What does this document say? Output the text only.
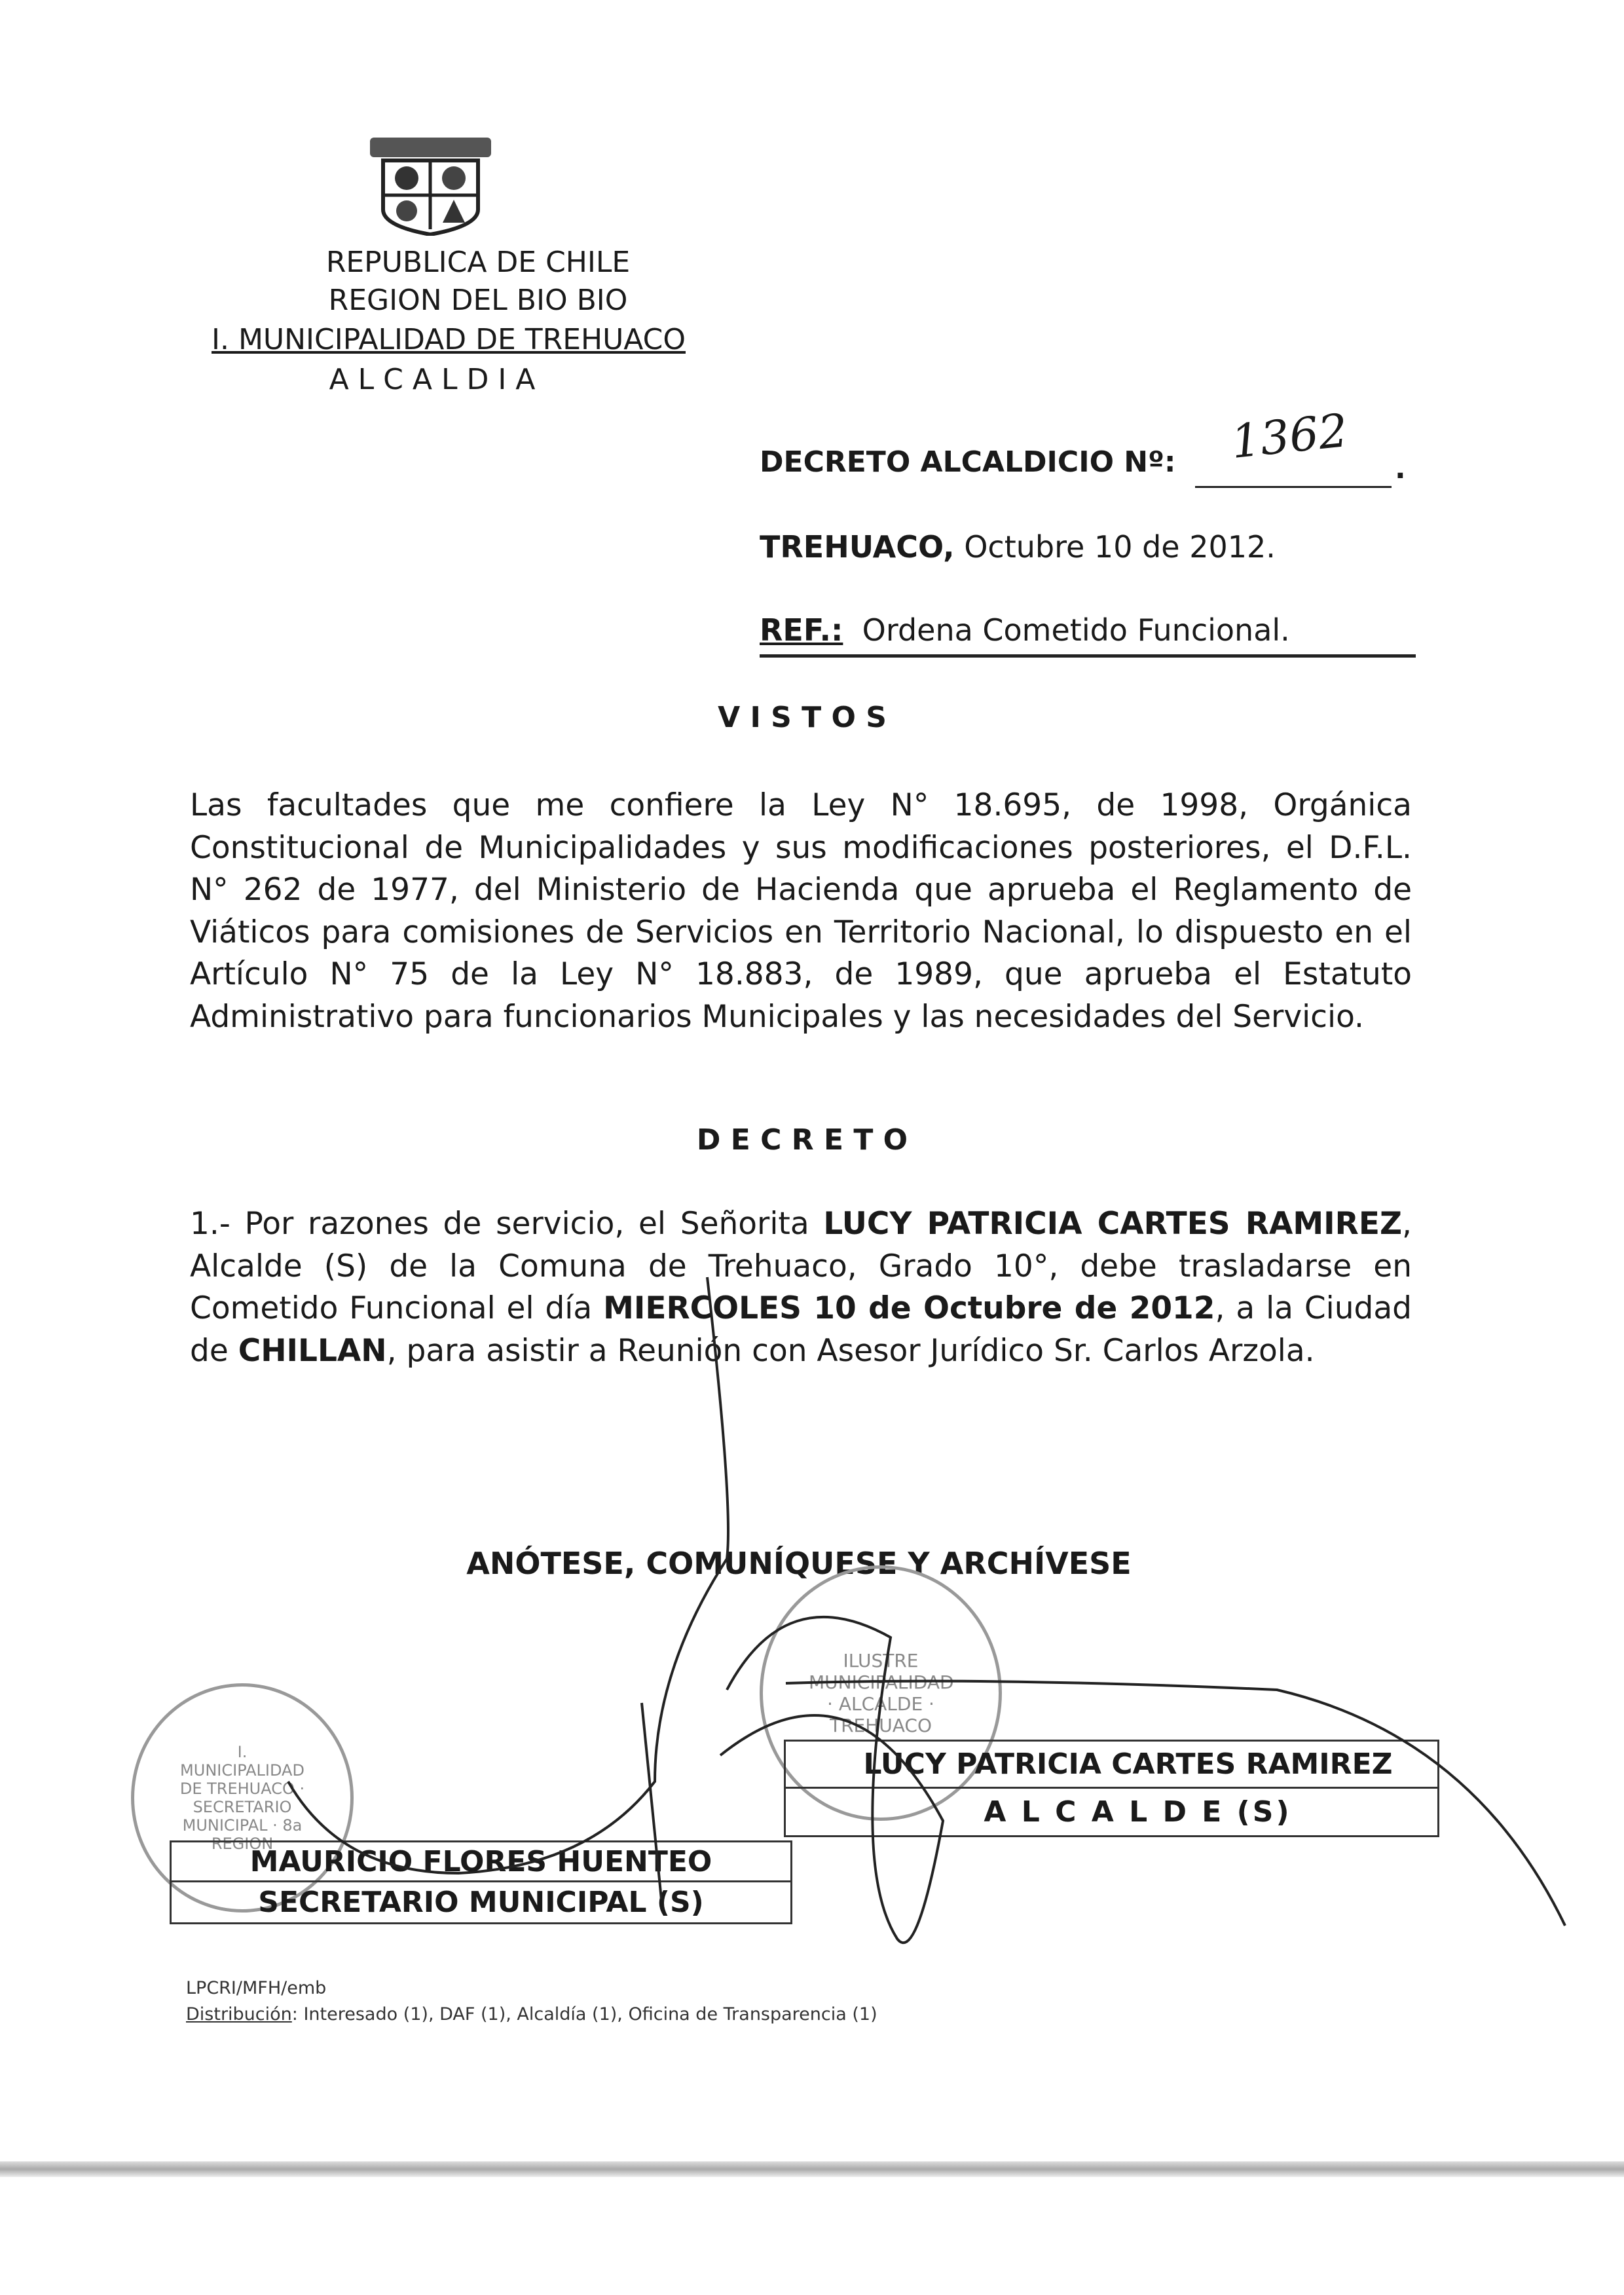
REPUBLICA DE CHILE
REGION DEL BIO BIO
I. MUNICIPALIDAD DE TREHUACO
A L C A L D I A
DECRETO ALCALDICIO Nº: 1362 .
TREHUACO, Octubre 10 de 2012.
REF.: Ordena Cometido Funcional.
V I S T O S
Las facultades que me confiere la Ley N° 18.695, de 1998, Orgánica Constitucional de Municipalidades y sus modificaciones posteriores, el D.F.L. N° 262 de 1977, del Ministerio de Hacienda que aprueba el Reglamento de Viáticos para comisiones de Servicios en Territorio Nacional, lo dispuesto en el Artículo N° 75 de la Ley N° 18.883, de 1989, que aprueba el Estatuto Administrativo para funcionarios Municipales y las necesidades del Servicio.
D E C R E T O
1.- Por razones de servicio, el Señorita LUCY PATRICIA CARTES RAMIREZ, Alcalde (S) de la Comuna de Trehuaco, Grado 10°, debe trasladarse en Cometido Funcional el día MIERCOLES 10 de Octubre de 2012, a la Ciudad de CHILLAN, para asistir a Reunión con Asesor Jurídico Sr. Carlos Arzola.
ANÓTESE, COMUNÍQUESE Y ARCHÍVESE
ILUSTRE MUNICIPALIDAD · ALCALDE · TREHUACO
I. MUNICIPALIDAD DE TREHUACO · SECRETARIO MUNICIPAL · 8a REGION
LUCY PATRICIA CARTES RAMIREZ
A L C A L D E (S)
MAURICIO FLORES HUENTEO
SECRETARIO MUNICIPAL (S)
LPCRI/MFH/emb
Distribución: Interesado (1), DAF (1), Alcaldía (1), Oficina de Transparencia (1)
